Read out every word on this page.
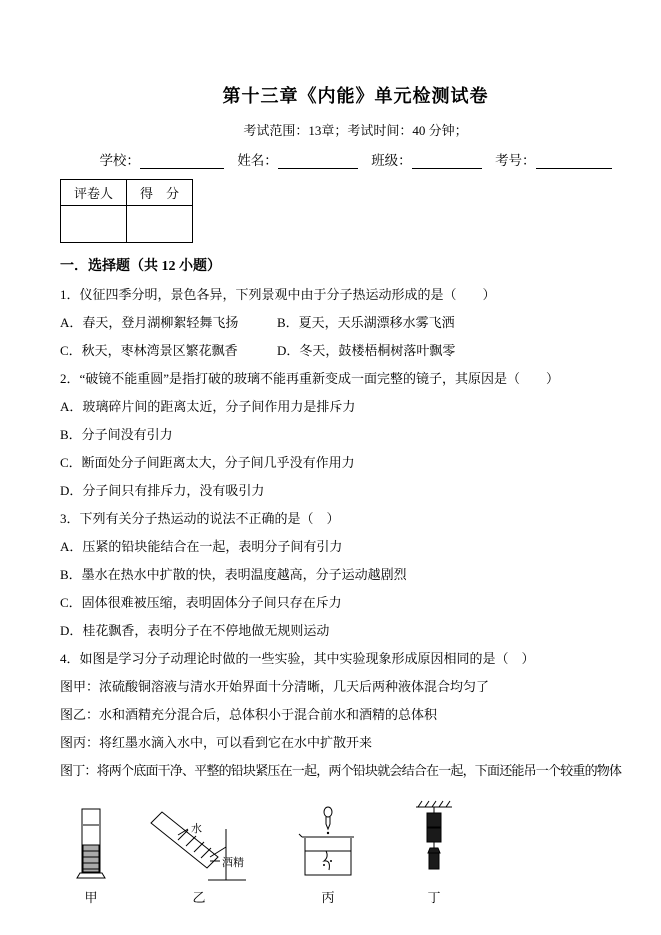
第十三章《内能》单元检测试卷
考试范围：13章；考试时间：40 分钟；
学校：	姓名：	班级：	考号：
评卷人	得　分

一．选择题（共 12 小题）
1．仪征四季分明，景色各异，下列景观中由于分子热运动形成的是（　　）
A．春天，登月湖柳絮轻舞飞扬	B．夏天，天乐湖漂移水雾飞洒
C．秋天，枣林湾景区繁花飘香	D．冬天，鼓楼梧桐树落叶飘零
2．“破镜不能重圆”是指打破的玻璃不能再重新变成一面完整的镜子，其原因是（　　）
A．玻璃碎片间的距离太近，分子间作用力是排斥力
B．分子间没有引力
C．断面处分子间距离太大，分子间几乎没有作用力
D．分子间只有排斥力，没有吸引力
3．下列有关分子热运动的说法不正确的是（　）
A．压紧的铅块能结合在一起，表明分子间有引力
B．墨水在热水中扩散的快，表明温度越高，分子运动越剧烈
C．固体很难被压缩，表明固体分子间只存在斥力
D．桂花飘香，表明分子在不停地做无规则运动
4．如图是学习分子动理论时做的一些实验，其中实验现象形成原因相同的是（　）
图甲：浓硫酸铜溶液与清水开始界面十分清晰，几天后两种液体混合均匀了
图乙：水和酒精充分混合后，总体积小于混合前水和酒精的总体积
图丙：将红墨水滴入水中，可以看到它在水中扩散开来
图丁：将两个底面干净、平整的铅块紧压在一起，两个铅块就会结合在一起，下面还能吊一个较重的物体
甲
水
酒精
乙	丙	丁
